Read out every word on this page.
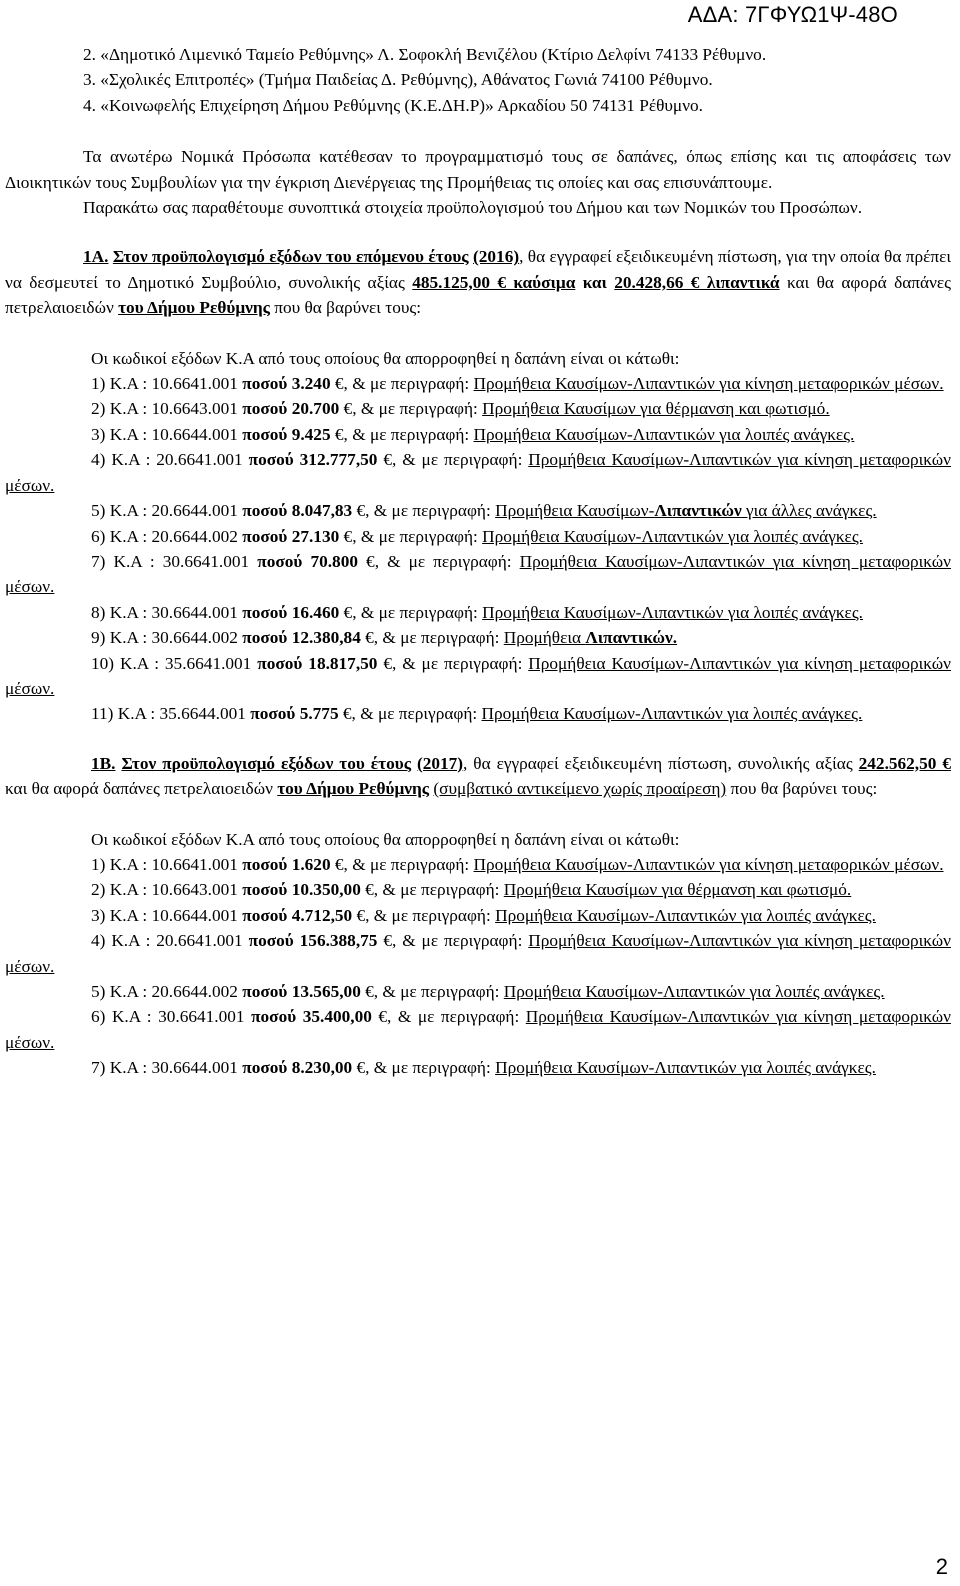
ΑΔΑ: 7ΓΦΥΩ1Ψ-48Ο

2. «Δημοτικό Λιμενικό Ταμείο Ρεθύμνης» Λ. Σοφοκλή Βενιζέλου (Κτίριο Δελφίνι 74133 Ρέθυμνο.

3. «Σχολικές Επιτροπές» (Τμήμα Παιδείας Δ. Ρεθύμνης), Αθάνατος Γωνιά 74100 Ρέθυμνο.

4. «Κοινωφελής Επιχείρηση Δήμου Ρεθύμνης (Κ.Ε.ΔΗ.Ρ)» Αρκαδίου 50 74131 Ρέθυμνο.

Τα ανωτέρω Νομικά Πρόσωπα κατέθεσαν το προγραμματισμό τους σε δαπάνες, όπως επίσης και τις αποφάσεις των Διοικητικών τους Συμβουλίων για την έγκριση Διενέργειας της Προμήθειας τις οποίες και σας επισυνάπτουμε.

Παρακάτω σας παραθέτουμε συνοπτικά στοιχεία προϋπολογισμού του Δήμου και των Νομικών του Προσώπων.

1Α. Στον προϋπολογισμό εξόδων του επόμενου έτους (2016), θα εγγραφεί εξειδικευμένη πίστωση, για την οποία θα πρέπει να δεσμευτεί το Δημοτικό Συμβούλιο, συνολικής αξίας 485.125,00 € καύσιμα και 20.428,66 € λιπαντικά και θα αφορά δαπάνες πετρελαιοειδών του Δήμου Ρεθύμνης που θα βαρύνει τους:

Οι κωδικοί εξόδων Κ.Α από τους οποίους θα απορροφηθεί η δαπάνη είναι οι κάτωθι:

1) Κ.Α : 10.6641.001 ποσού 3.240 €, & με περιγραφή: Προμήθεια Καυσίμων-Λιπαντικών για κίνηση μεταφορικών μέσων.

2) Κ.Α : 10.6643.001 ποσού 20.700 €, & με περιγραφή: Προμήθεια Καυσίμων για θέρμανση και φωτισμό.

3) Κ.Α : 10.6644.001 ποσού 9.425 €, & με περιγραφή: Προμήθεια Καυσίμων-Λιπαντικών για λοιπές ανάγκες.

4) Κ.Α : 20.6641.001 ποσού 312.777,50 €, & με περιγραφή: Προμήθεια Καυσίμων-Λιπαντικών για κίνηση μεταφορικών μέσων.

5) Κ.Α : 20.6644.001 ποσού 8.047,83 €, & με περιγραφή: Προμήθεια Καυσίμων-Λιπαντικών για άλλες ανάγκες.

6) Κ.Α : 20.6644.002 ποσού 27.130 €, & με περιγραφή: Προμήθεια Καυσίμων-Λιπαντικών για λοιπές ανάγκες.

7) Κ.Α : 30.6641.001 ποσού 70.800 €, & με περιγραφή: Προμήθεια Καυσίμων-Λιπαντικών για κίνηση μεταφορικών μέσων.

8) Κ.Α : 30.6644.001 ποσού 16.460 €, & με περιγραφή: Προμήθεια Καυσίμων-Λιπαντικών για λοιπές ανάγκες.

9) Κ.Α : 30.6644.002 ποσού 12.380,84 €, & με περιγραφή: Προμήθεια Λιπαντικών.

10) Κ.Α : 35.6641.001 ποσού 18.817,50 €, & με περιγραφή: Προμήθεια Καυσίμων-Λιπαντικών για κίνηση μεταφορικών μέσων.

11) Κ.Α : 35.6644.001 ποσού 5.775 €, & με περιγραφή: Προμήθεια Καυσίμων-Λιπαντικών για λοιπές ανάγκες.

1Β. Στον προϋπολογισμό εξόδων του έτους (2017), θα εγγραφεί εξειδικευμένη πίστωση, συνολικής αξίας 242.562,50 € και θα αφορά δαπάνες πετρελαιοειδών του Δήμου Ρεθύμνης (συμβατικό αντικείμενο χωρίς προαίρεση) που θα βαρύνει τους:

Οι κωδικοί εξόδων Κ.Α από τους οποίους θα απορροφηθεί η δαπάνη είναι οι κάτωθι:

1) Κ.Α : 10.6641.001 ποσού 1.620 €, & με περιγραφή: Προμήθεια Καυσίμων-Λιπαντικών για κίνηση μεταφορικών μέσων.

2) Κ.Α : 10.6643.001 ποσού 10.350,00 €, & με περιγραφή: Προμήθεια Καυσίμων για θέρμανση και φωτισμό.

3) Κ.Α : 10.6644.001 ποσού 4.712,50 €, & με περιγραφή: Προμήθεια Καυσίμων-Λιπαντικών για λοιπές ανάγκες.

4) Κ.Α : 20.6641.001 ποσού 156.388,75 €, & με περιγραφή: Προμήθεια Καυσίμων-Λιπαντικών για κίνηση μεταφορικών μέσων.

5) Κ.Α : 20.6644.002 ποσού 13.565,00 €, & με περιγραφή: Προμήθεια Καυσίμων-Λιπαντικών για λοιπές ανάγκες.

6) Κ.Α : 30.6641.001 ποσού 35.400,00 €, & με περιγραφή: Προμήθεια Καυσίμων-Λιπαντικών για κίνηση μεταφορικών μέσων.

7) Κ.Α : 30.6644.001 ποσού 8.230,00 €, & με περιγραφή: Προμήθεια Καυσίμων-Λιπαντικών για λοιπές ανάγκες.

2
